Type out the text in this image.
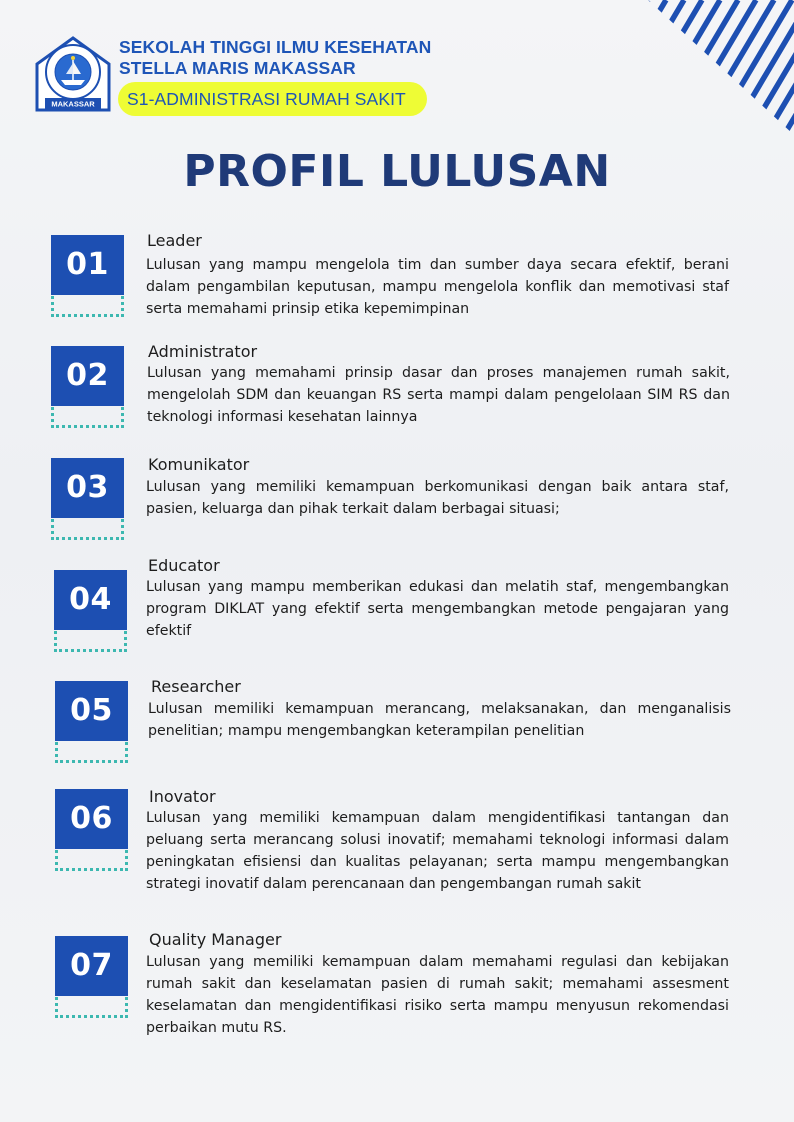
MAKASSAR
SEKOLAH TINGGI ILMU KESEHATAN
STELLA MARIS MAKASSAR
S1-ADMINISTRASI RUMAH SAKIT
PROFIL LULUSAN
01
Leader
Lulusan yang mampu mengelola tim dan sumber daya secara efektif, berani dalam pengambilan keputusan, mampu mengelola konflik dan memotivasi staf serta memahami prinsip etika kepemimpinan
02
Administrator
Lulusan yang memahami prinsip dasar dan proses manajemen rumah sakit, mengelolah SDM dan keuangan RS serta mampi dalam pengelolaan SIM RS dan teknologi informasi kesehatan lainnya
03
Komunikator
Lulusan yang memiliki kemampuan berkomunikasi dengan baik antara staf, pasien, keluarga dan pihak terkait dalam berbagai situasi;
04
Educator
Lulusan yang mampu memberikan edukasi dan melatih staf, mengembangkan program DIKLAT yang efektif serta mengembangkan metode pengajaran yang efektif
05
Researcher
Lulusan memiliki kemampuan merancang, melaksanakan, dan menganalisis penelitian; mampu mengembangkan keterampilan penelitian
06
Inovator
Lulusan yang memiliki kemampuan dalam mengidentifikasi tantangan dan peluang serta merancang solusi inovatif; memahami teknologi informasi dalam peningkatan efisiensi dan kualitas pelayanan; serta mampu mengembangkan strategi inovatif dalam perencanaan dan pengembangan rumah sakit
07
Quality Manager
Lulusan yang memiliki kemampuan dalam memahami regulasi dan kebijakan rumah sakit dan keselamatan pasien di rumah sakit; memahami assesment keselamatan dan mengidentifikasi risiko serta mampu menyusun rekomendasi perbaikan mutu RS.
